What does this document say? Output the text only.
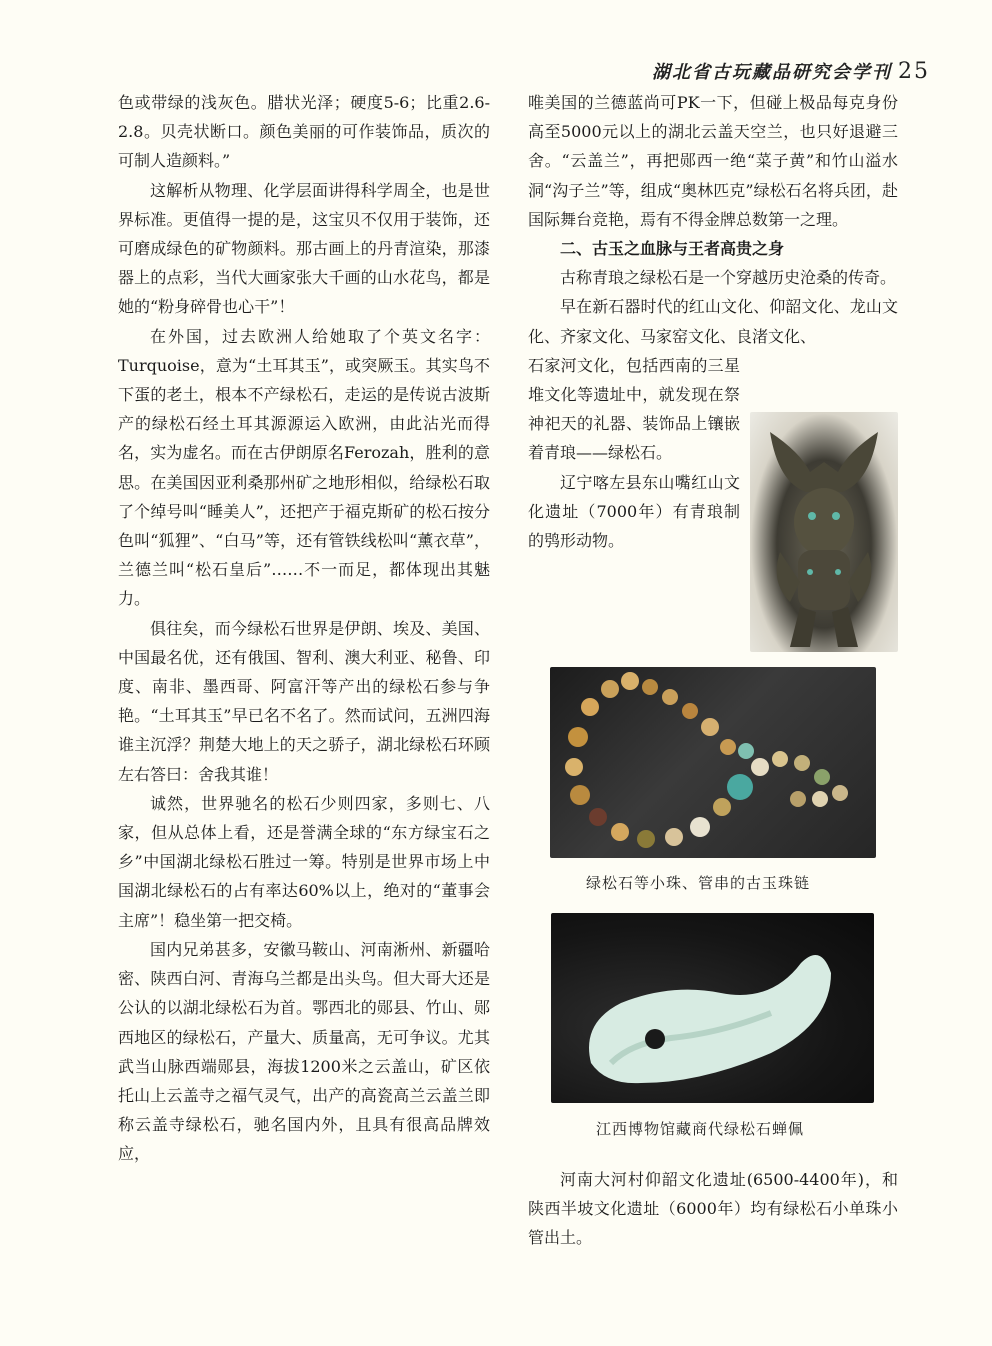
湖北省古玩藏品研究会学刊 25

色或带绿的浅灰色。腊状光泽；硬度5-6；比重2.6-2.8。贝壳状断口。颜色美丽的可作装饰品，质次的可制人造颜料。”

这解析从物理、化学层面讲得科学周全，也是世界标准。更值得一提的是，这宝贝不仅用于装饰，还可磨成绿色的矿物颜料。那古画上的丹青渲染，那漆器上的点彩，当代大画家张大千画的山水花鸟，都是她的“粉身碎骨也心干”！

在外国，过去欧洲人给她取了个英文名字：Turquoise，意为“土耳其玉”，或突厥玉。其实鸟不下蛋的老土，根本不产绿松石，走运的是传说古波斯产的绿松石经土耳其源源运入欧洲，由此沾光而得名，实为虚名。而在古伊朗原名Ferozah，胜利的意思。在美国因亚利桑那州矿之地形相似，给绿松石取了个绰号叫“睡美人”，还把产于福克斯矿的松石按分色叫“狐狸”、“白马”等，还有管铁线松叫“薰衣草”，兰德兰叫“松石皇后”……不一而足，都体现出其魅力。

俱往矣，而今绿松石世界是伊朗、埃及、美国、中国最名优，还有俄国、智利、澳大利亚、秘鲁、印度、南非、墨西哥、阿富汗等产出的绿松石参与争艳。“土耳其玉”早已名不名了。然而试问，五洲四海谁主沉浮？荆楚大地上的天之骄子，湖北绿松石环顾左右答曰：舍我其谁！

诚然，世界驰名的松石少则四家，多则七、八家，但从总体上看，还是誉满全球的“东方绿宝石之乡”中国湖北绿松石胜过一筹。特别是世界市场上中国湖北绿松石的占有率达60%以上，绝对的“董事会主席”！稳坐第一把交椅。

国内兄弟甚多，安徽马鞍山、河南淅州、新疆哈密、陕西白河、青海乌兰都是出头鸟。但大哥大还是公认的以湖北绿松石为首。鄂西北的郧县、竹山、郧西地区的绿松石，产量大、质量高，无可争议。尤其武当山脉西端郧县，海拔1200米之云盖山，矿区依托山上云盖寺之福气灵气，出产的高瓷高兰云盖兰即称云盖寺绿松石，驰名国内外，且具有很高品牌效应，

唯美国的兰德蓝尚可PK一下，但碰上极品每克身份高至5000元以上的湖北云盖天空兰，也只好退避三舍。“云盖兰”，再把郧西一绝“菜子黄”和竹山溢水洞“沟子兰”等，组成“奥林匹克”绿松石名将兵团，赴国际舞台竞艳，焉有不得金牌总数第一之理。

二、古玉之血脉与王者高贵之身

古称青琅之绿松石是一个穿越历史沧桑的传奇。

早在新石器时代的红山文化、仰韶文化、龙山文化、齐家文化、马家窑文化、良渚文化、

石家河文化，包括西南的三星堆文化等遗址中，就发现在祭神祀天的礼器、装饰品上镶嵌着青琅——绿松石。

辽宁喀左县东山嘴红山文化遗址（7000年）有青琅制的鸮形动物。

绿松石等小珠、管串的古玉珠链
江西博物馆藏商代绿松石蝉佩

河南大河村仰韶文化遗址(6500-4400年)，和陕西半坡文化遗址（6000年）均有绿松石小单珠小管出土。
